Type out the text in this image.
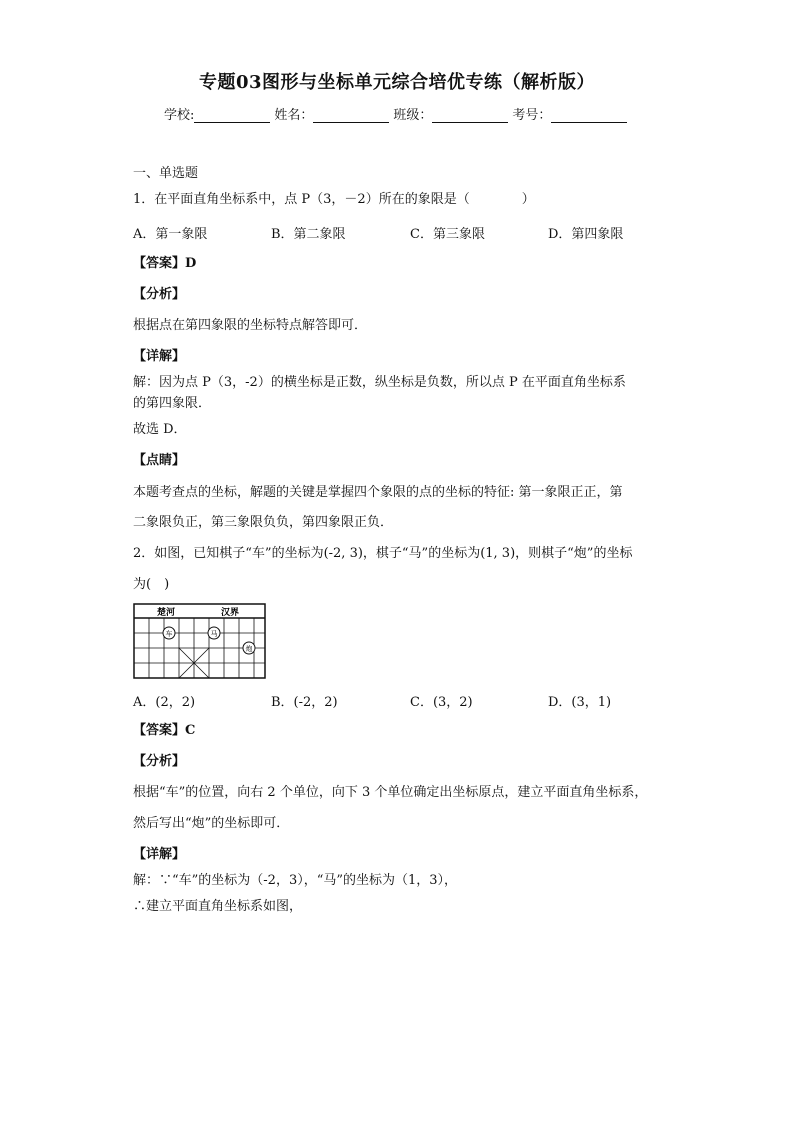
专题03图形与坐标单元综合培优专练（解析版）
学校:	姓名：	班级：	考号：
一、单选题
1．在平面直角坐标系中，点 P（3，－2）所在的象限是（　　　　）
A．第一象限	B．第二象限	C．第三象限	D．第四象限
【答案】D
【分析】
根据点在第四象限的坐标特点解答即可．
【详解】
解：因为点 P（3，-2）的横坐标是正数，纵坐标是负数，所以点 P 在平面直角坐标系
的第四象限．
故选 D．
【点睛】
本题考查点的坐标，解题的关键是掌握四个象限的点的坐标的特征: 第一象限正正，第
二象限负正，第三象限负负，第四象限正负．
2．如图，已知棋子“车”的坐标为(-2, 3)，棋子“马”的坐标为(1, 3)，则棋子“炮”的坐标
为(　)
楚河	汉界
车	马
炮
A．(2，2)	B．(-2，2)	C．(3，2)	D．(3，1)
【答案】C
【分析】
根据“车”的位置，向右 2 个单位，向下 3 个单位确定出坐标原点，建立平面直角坐标系，
然后写出“炮”的坐标即可．
【详解】
解：∵“车”的坐标为（-2，3），“马”的坐标为（1，3），
∴建立平面直角坐标系如图，
